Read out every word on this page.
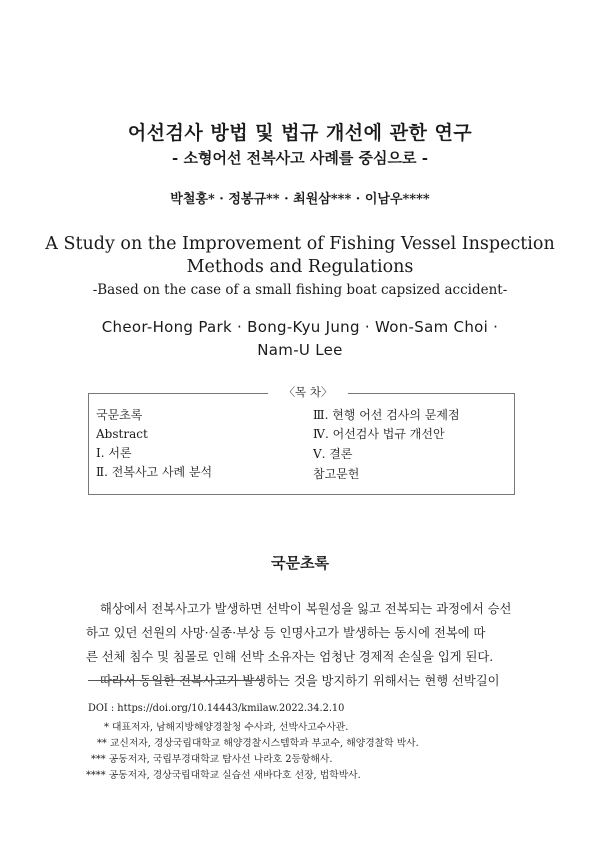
어선검사 방법 및 법규 개선에 관한 연구
- 소형어선 전복사고 사례를 중심으로 -
박철홍* · 정봉규** · 최원삼*** · 이남우****
A Study on the Improvement of Fishing Vessel Inspection
Methods and Regulations
-Based on the case of a small fishing boat capsized accident-
Cheor-Hong Park · Bong-Kyu Jung · Won-Sam Choi ·
Nam-U Lee
〈목 차〉
국문초록
Abstract
Ⅰ. 서론
Ⅱ. 전복사고 사례 분석
Ⅲ. 현행 어선 검사의 문제점
Ⅳ. 어선검사 법규 개선안
Ⅴ. 결론
참고문헌
국문초록
해상에서 전복사고가 발생하면 선박이 복원성을 잃고 전복되는 과정에서 승선
하고 있던 선원의 사망·실종·부상 등 인명사고가 발생하는 동시에 전복에 따
른 선체 침수 및 침몰로 인해 선박 소유자는 엄청난 경제적 손실을 입게 된다.
따라서 동일한 전복사고가 발생하는 것을 방지하기 위해서는 현행 선박길이
DOI : https://doi.org/10.14443/kmilaw.2022.34.2.10
* 대표저자, 남해지방해양경찰청 수사과, 선박사고수사관.
** 교신저자, 경상국립대학교 해양경찰시스템학과 부교수, 해양경찰학 박사.
*** 공동저자, 국립부경대학교 탐사선 나라호 2등항해사.
**** 공동저자, 경상국립대학교 실습선 새바다호 선장, 법학박사.
